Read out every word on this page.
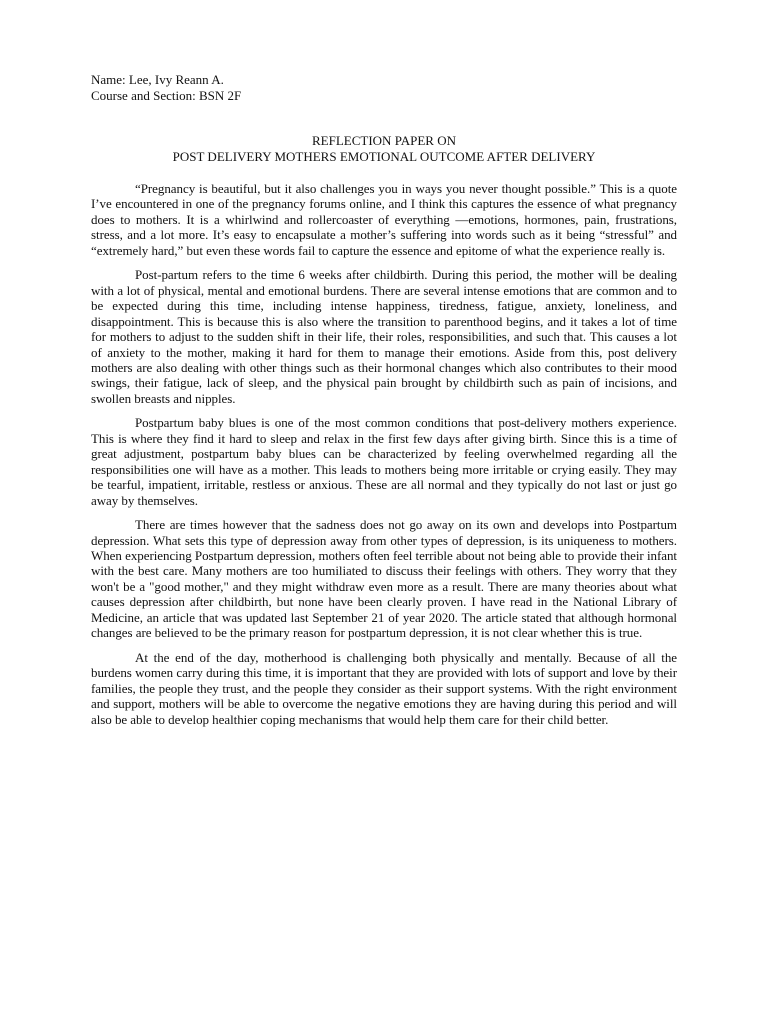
Name: Lee, Ivy Reann A.
Course and Section: BSN 2F
REFLECTION PAPER ON
POST DELIVERY MOTHERS EMOTIONAL OUTCOME AFTER DELIVERY

“Pregnancy is beautiful, but it also challenges you in ways you never thought possible.” This is a quote I’ve encountered in one of the pregnancy forums online, and I think this captures the essence of what pregnancy does to mothers. It is a whirlwind and rollercoaster of everything —emotions, hormones, pain, frustrations, stress, and a lot more. It’s easy to encapsulate a mother’s suffering into words such as it being “stressful” and “extremely hard,” but even these words fail to capture the essence and epitome of what the experience really is.

Post-partum refers to the time 6 weeks after childbirth. During this period, the mother will be dealing with a lot of physical, mental and emotional burdens. There are several intense emotions that are common and to be expected during this time, including intense happiness, tiredness, fatigue, anxiety, loneliness, and disappointment. This is because this is also where the transition to parenthood begins, and it takes a lot of time for mothers to adjust to the sudden shift in their life, their roles, responsibilities, and such that. This causes a lot of anxiety to the mother, making it hard for them to manage their emotions. Aside from this, post delivery mothers are also dealing with other things such as their hormonal changes which also contributes to their mood swings, their fatigue, lack of sleep, and the physical pain brought by childbirth such as pain of incisions, and swollen breasts and nipples.

Postpartum baby blues is one of the most common conditions that post-delivery mothers experience. This is where they find it hard to sleep and relax in the first few days after giving birth. Since this is a time of great adjustment, postpartum baby blues can be characterized by feeling overwhelmed regarding all the responsibilities one will have as a mother. This leads to mothers being more irritable or crying easily. They may be tearful, impatient, irritable, restless or anxious. These are all normal and they typically do not last or just go away by themselves.

There are times however that the sadness does not go away on its own and develops into Postpartum depression. What sets this type of depression away from other types of depression, is its uniqueness to mothers. When experiencing Postpartum depression, mothers often feel terrible about not being able to provide their infant with the best care. Many mothers are too humiliated to discuss their feelings with others. They worry that they won't be a "good mother," and they might withdraw even more as a result. There are many theories about what causes depression after childbirth, but none have been clearly proven. I have read in the National Library of Medicine, an article that was updated last September 21 of year 2020. The article stated that although hormonal changes are believed to be the primary reason for postpartum depression, it is not clear whether this is true.

At the end of the day, motherhood is challenging both physically and mentally. Because of all the burdens women carry during this time, it is important that they are provided with lots of support and love by their families, the people they trust, and the people they consider as their support systems. With the right environment and support, mothers will be able to overcome the negative emotions they are having during this period and will also be able to develop healthier coping mechanisms that would help them care for their child better.
